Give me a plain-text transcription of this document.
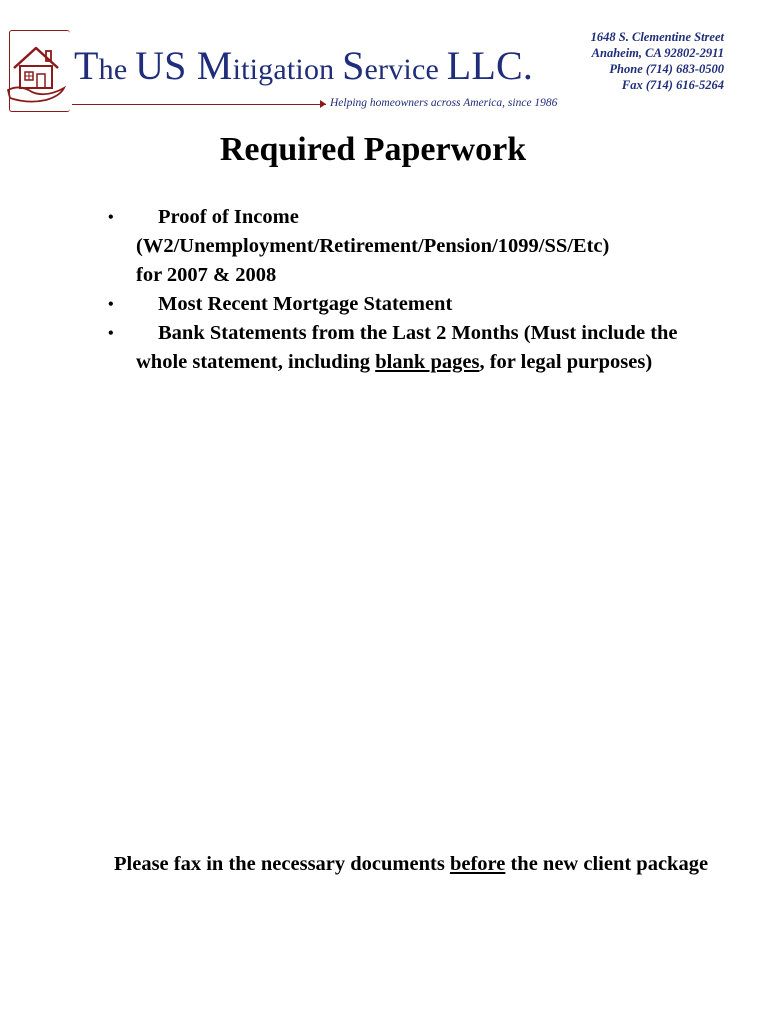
The US Mitigation Service LLC.
Helping homeowners across America, since 1986
1648 S. Clementine Street
Anaheim, CA 92802-2911
Phone (714) 683-0500
Fax (714) 616-5264
Required Paperwork
•	Proof of Income
(W2/Unemployment/Retirement/Pension/1099/SS/Etc)
for 2007 & 2008
• Most Recent Mortgage Statement
• Bank Statements from the Last 2 Months (Must include the whole statement, including blank pages, for legal purposes)

Please fax in the necessary documents before the new client package
